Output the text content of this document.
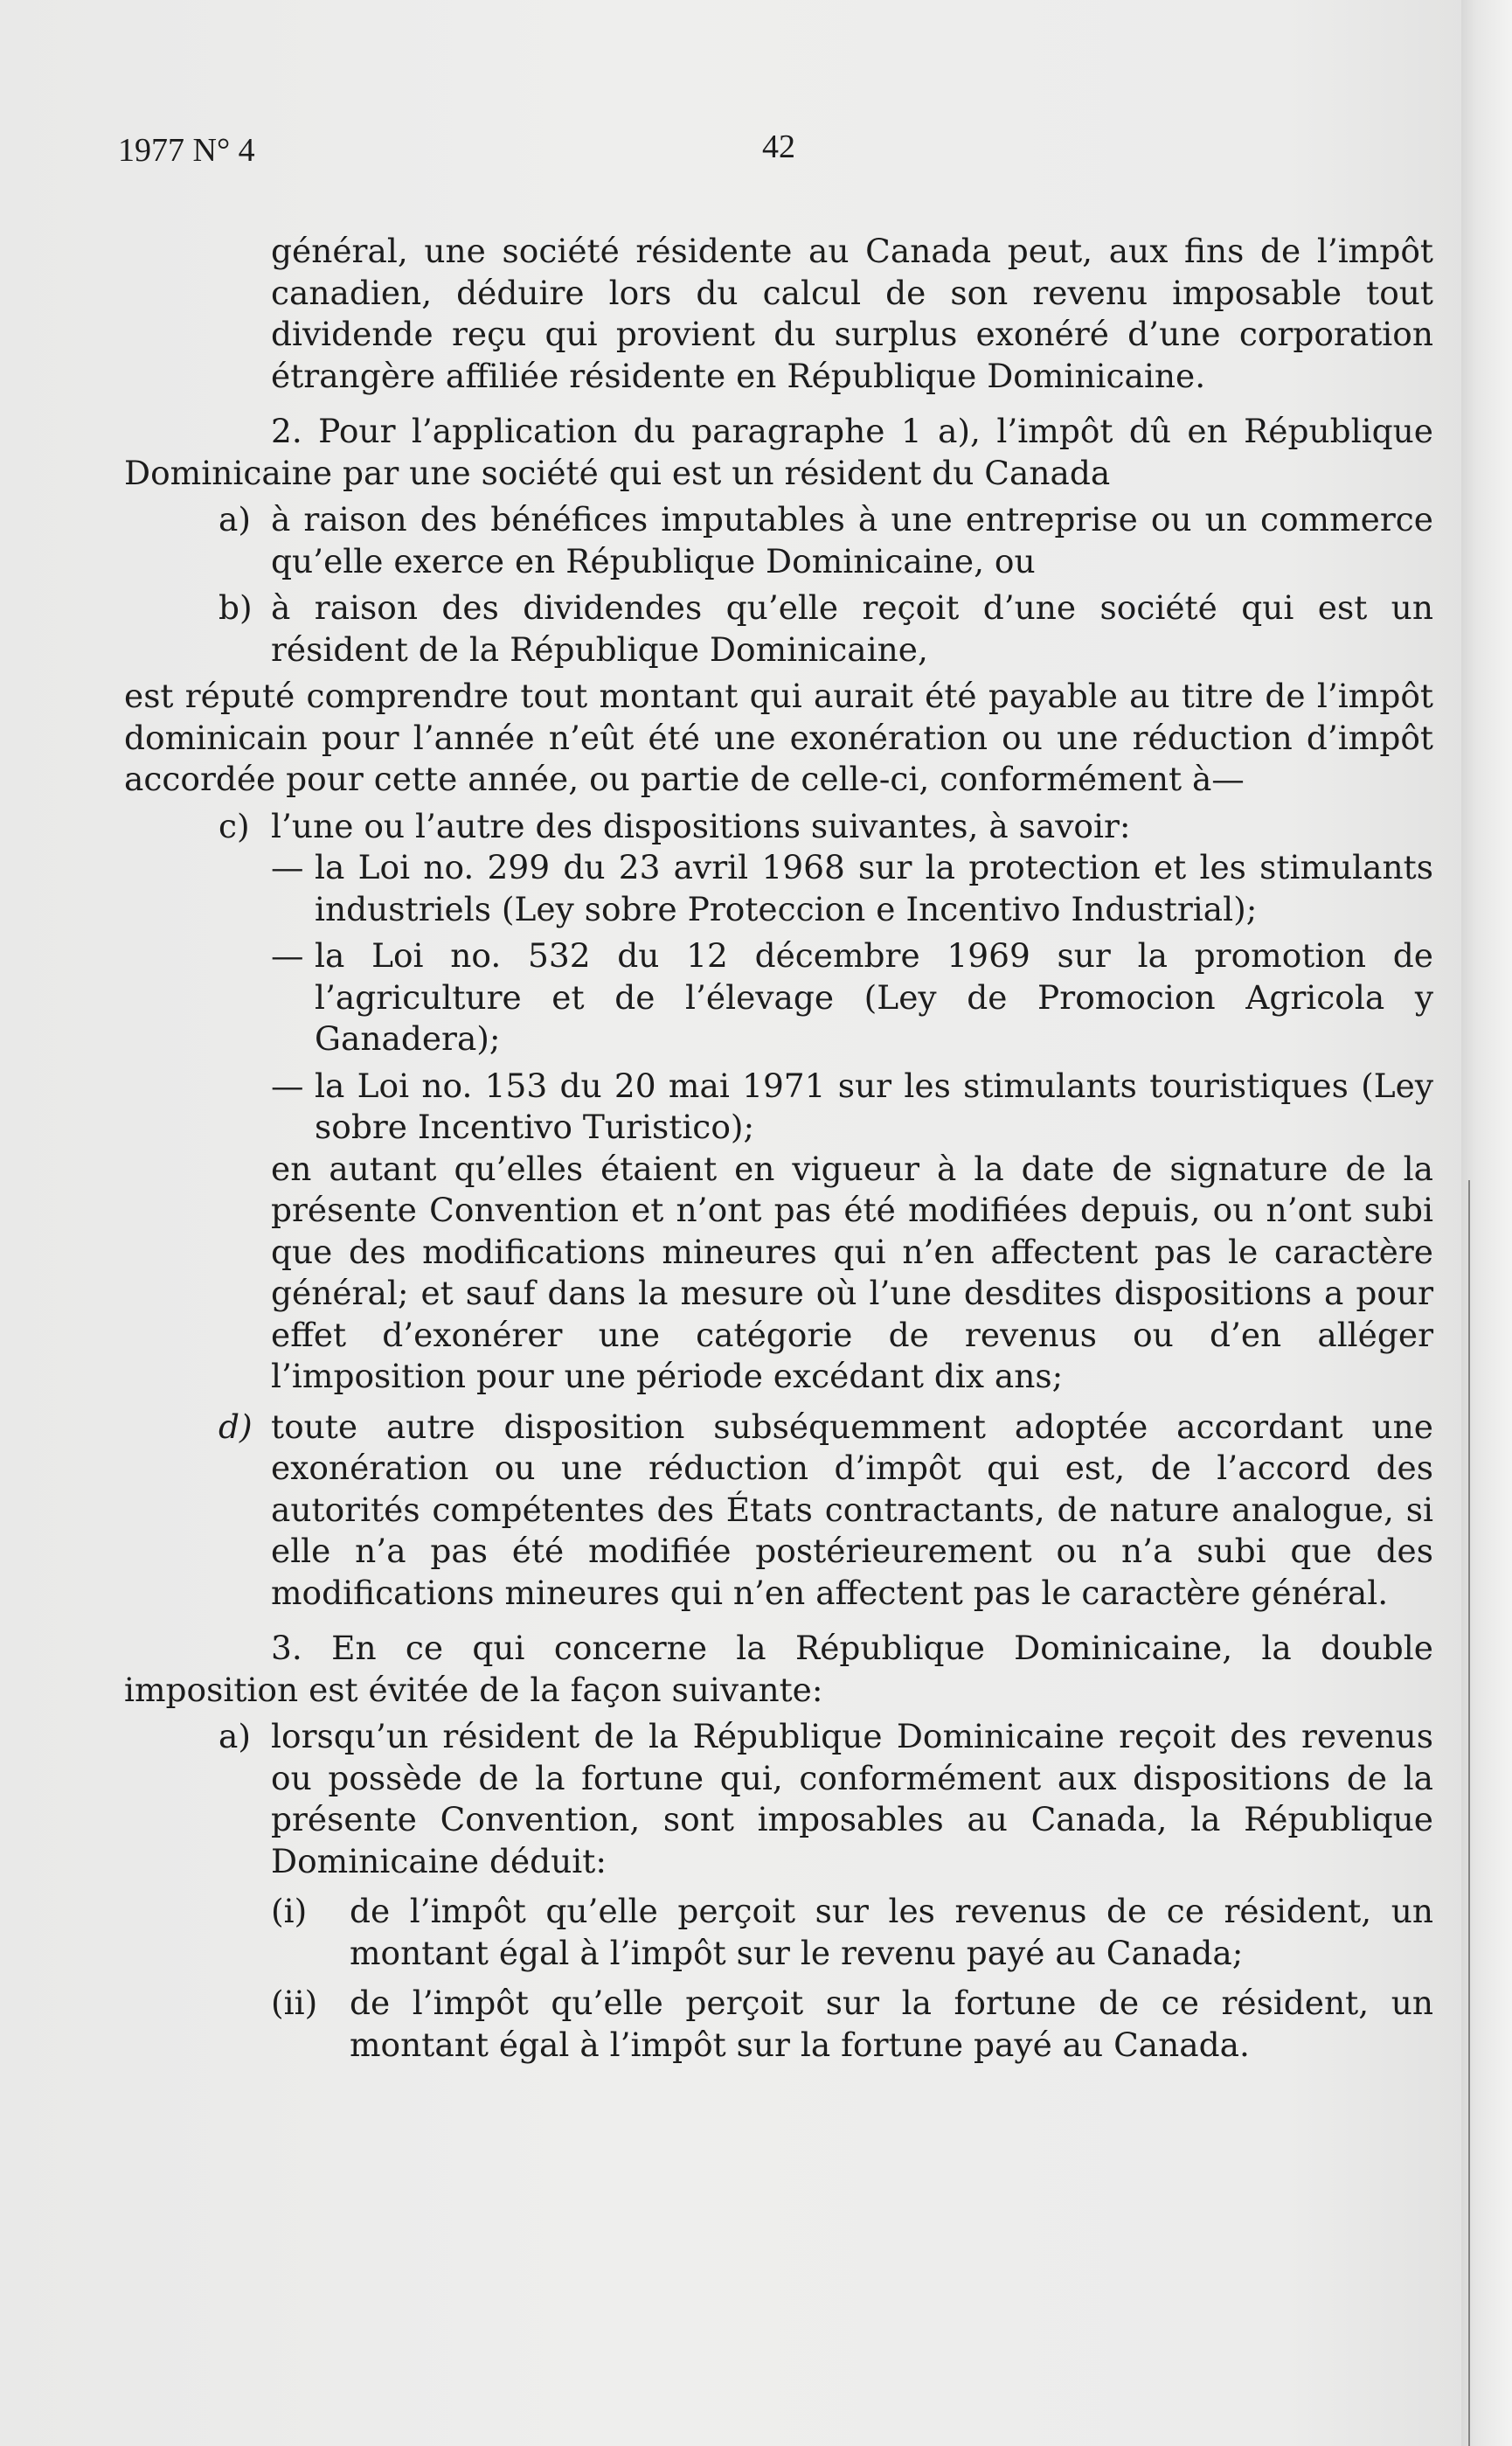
1977 N° 4	42

général, une société résidente au Canada peut, aux fins de l’impôt canadien, déduire lors du calcul de son revenu imposable tout dividende reçu qui provient du surplus exonéré d’une corporation étrangère affiliée résidente en République Dominicaine.

2. Pour l’application du paragraphe 1 a), l’impôt dû en République Dominicaine par une société qui est un résident du Canada

a) à raison des bénéfices imputables à une entreprise ou un commerce qu’elle exerce en République Dominicaine, ou

b) à raison des dividendes qu’elle reçoit d’une société qui est un résident de la République Dominicaine,

est réputé comprendre tout montant qui aurait été payable au titre de l’impôt dominicain pour l’année n’eût été une exonération ou une réduction d’impôt accordée pour cette année, ou partie de celle-ci, conformément à—

c) l’une ou l’autre des dispositions suivantes, à savoir:

— la Loi no. 299 du 23 avril 1968 sur la protection et les stimulants industriels (Ley sobre Proteccion e Incentivo Industrial);

— la Loi no. 532 du 12 décembre 1969 sur la promotion de l’agriculture et de l’élevage (Ley de Promocion Agricola y Ganadera);

— la Loi no. 153 du 20 mai 1971 sur les stimulants touristiques (Ley sobre Incentivo Turistico);

en autant qu’elles étaient en vigueur à la date de signature de la présente Convention et n’ont pas été modifiées depuis, ou n’ont subi que des modifications mineures qui n’en affectent pas le caractère général; et sauf dans la mesure où l’une desdites dispositions a pour effet d’exonérer une catégorie de revenus ou d’en alléger l’imposition pour une période excédant dix ans;

d) toute autre disposition subséquemment adoptée accordant une exonération ou une réduction d’impôt qui est, de l’accord des autorités compétentes des États contractants, de nature analogue, si elle n’a pas été modifiée postérieurement ou n’a subi que des modifications mineures qui n’en affectent pas le caractère général.

3. En ce qui concerne la République Dominicaine, la double imposition est évitée de la façon suivante:

a) lorsqu’un résident de la République Dominicaine reçoit des revenus ou possède de la fortune qui, conformément aux dispositions de la présente Convention, sont imposables au Canada, la République Dominicaine déduit:

(i) de l’impôt qu’elle perçoit sur les revenus de ce résident, un montant égal à l’impôt sur le revenu payé au Canada;

(ii) de l’impôt qu’elle perçoit sur la fortune de ce résident, un montant égal à l’impôt sur la fortune payé au Canada.
